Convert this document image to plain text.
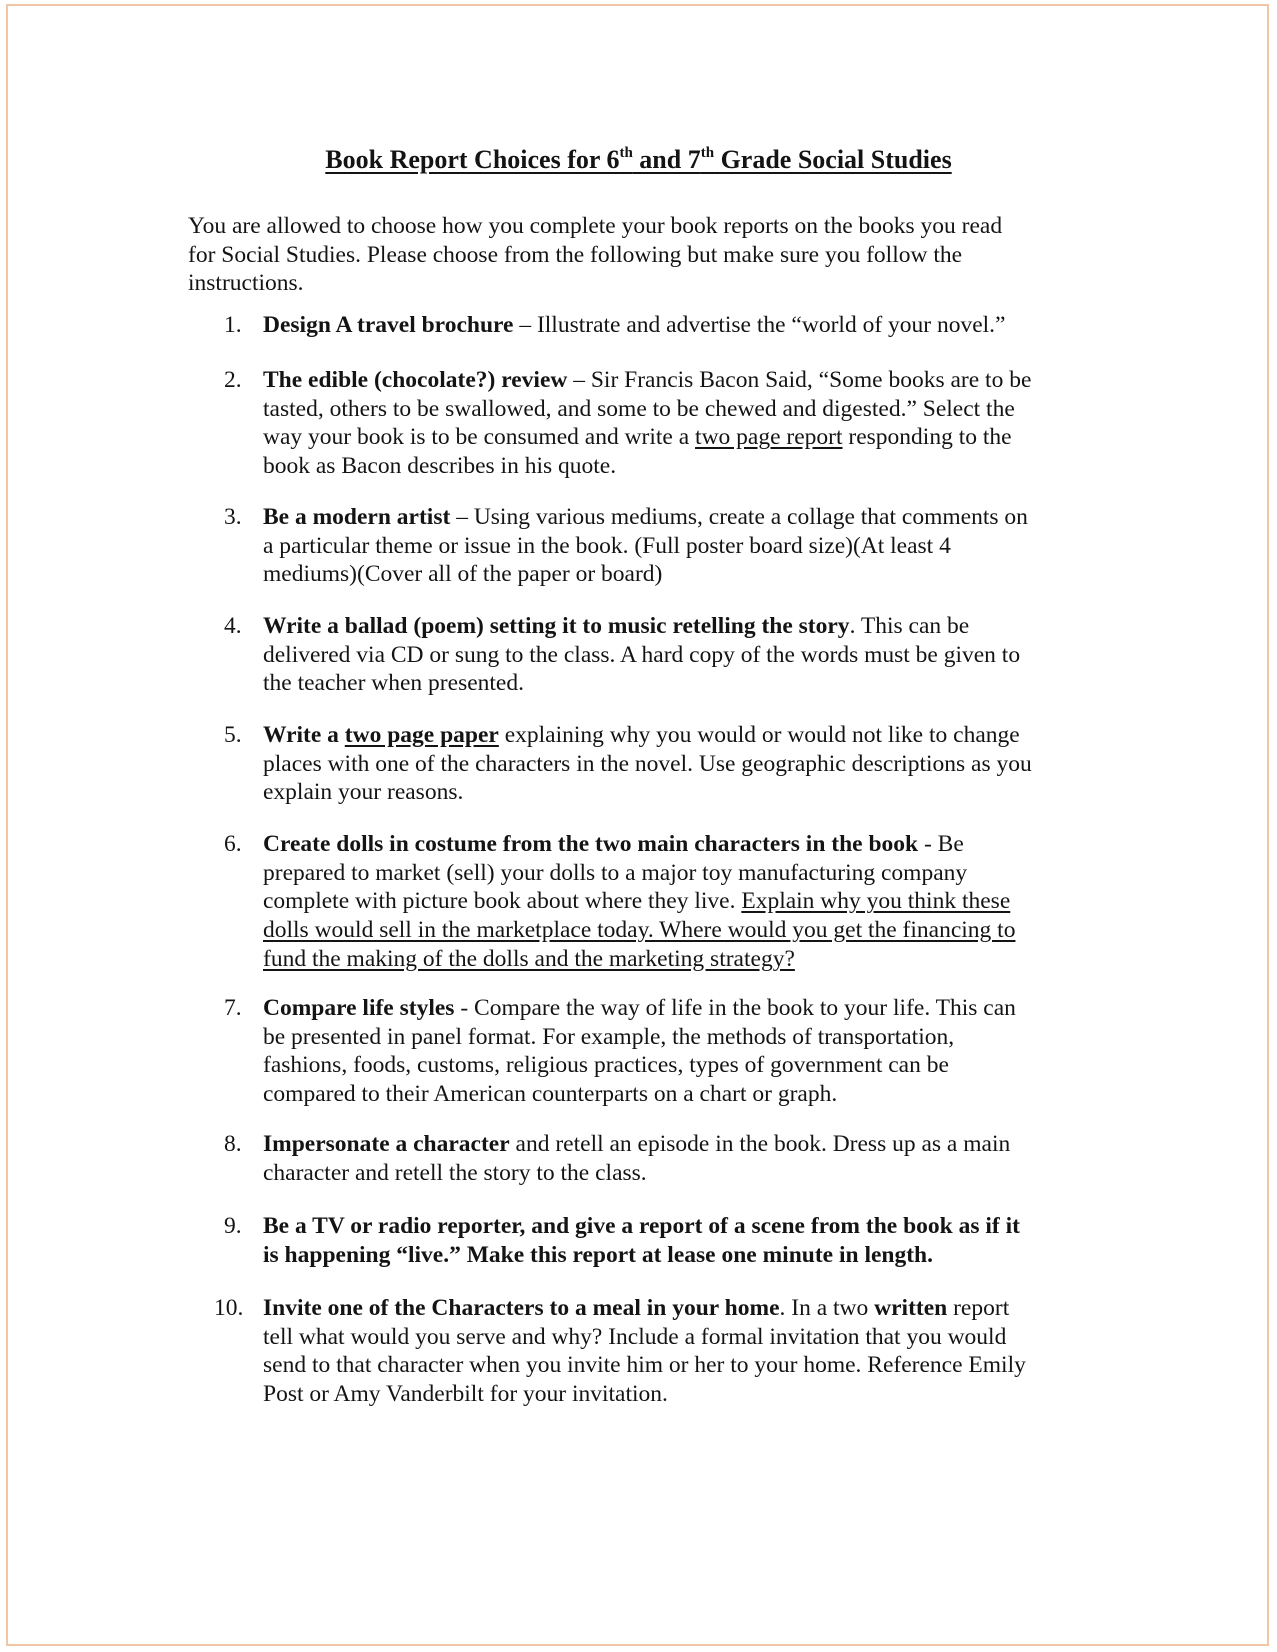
Book Report Choices for 6th and 7th Grade Social Studies
You are allowed to choose how you complete your book reports on the books you read
for Social Studies. Please choose from the following but make sure you follow the
instructions.
1. Design A travel brochure – Illustrate and advertise the “world of your novel.”
2. The edible (chocolate?) review – Sir Francis Bacon Said, “Some books are to be
tasted, others to be swallowed, and some to be chewed and digested.” Select the
way your book is to be consumed and write a two page report responding to the
book as Bacon describes in his quote.
3. Be a modern artist – Using various mediums, create a collage that comments on
a particular theme or issue in the book. (Full poster board size)(At least 4
mediums)(Cover all of the paper or board)
4. Write a ballad (poem) setting it to music retelling the story. This can be
delivered via CD or sung to the class. A hard copy of the words must be given to
the teacher when presented.
5. Write a two page paper explaining why you would or would not like to change
places with one of the characters in the novel. Use geographic descriptions as you
explain your reasons.
6. Create dolls in costume from the two main characters in the book - Be
prepared to market (sell) your dolls to a major toy manufacturing company
complete with picture book about where they live. Explain why you think these
dolls would sell in the marketplace today. Where would you get the financing to
fund the making of the dolls and the marketing strategy?
7. Compare life styles - Compare the way of life in the book to your life. This can
be presented in panel format. For example, the methods of transportation,
fashions, foods, customs, religious practices, types of government can be
compared to their American counterparts on a chart or graph.
8. Impersonate a character and retell an episode in the book. Dress up as a main
character and retell the story to the class.
9. Be a TV or radio reporter, and give a report of a scene from the book as if it
is happening “live.” Make this report at lease one minute in length.
10. Invite one of the Characters to a meal in your home. In a two written report
tell what would you serve and why? Include a formal invitation that you would
send to that character when you invite him or her to your home. Reference Emily
Post or Amy Vanderbilt for your invitation.
